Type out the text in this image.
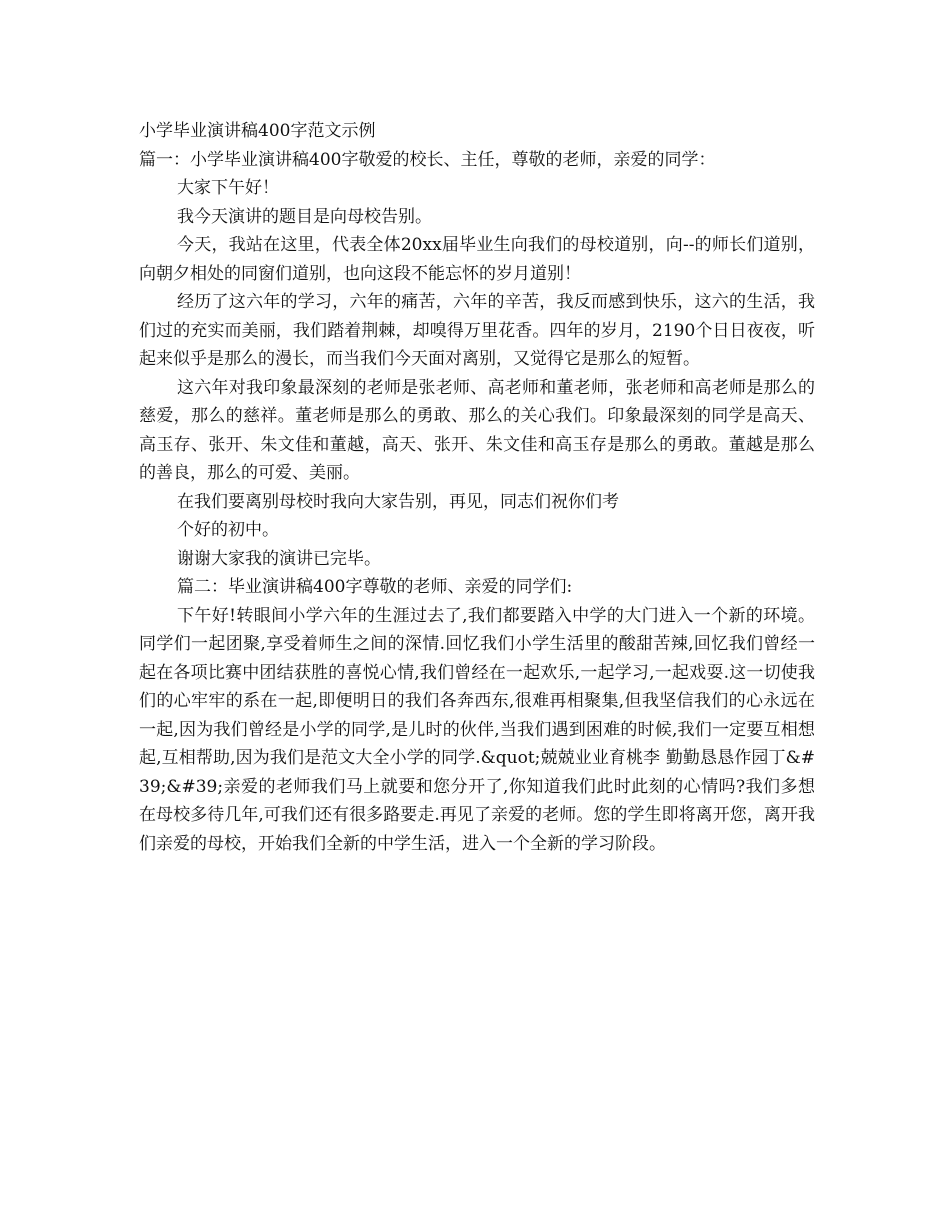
小学毕业演讲稿400字范文示例

篇一：小学毕业演讲稿400字敬爱的校长、主任，尊敬的老师，亲爱的同学：

大家下午好！

我今天演讲的题目是向母校告别。

今天，我站在这里，代表全体20xx届毕业生向我们的母校道别，向--的师长们道别，向朝夕相处的同窗们道别，也向这段不能忘怀的岁月道别！

经历了这六年的学习，六年的痛苦，六年的辛苦，我反而感到快乐，这六的生活，我们过的充实而美丽，我们踏着荆棘，却嗅得万里花香。四年的岁月，2190个日日夜夜，听起来似乎是那么的漫长，而当我们今天面对离别，又觉得它是那么的短暂。

这六年对我印象最深刻的老师是张老师、高老师和董老师，张老师和高老师是那么的慈爱，那么的慈祥。董老师是那么的勇敢、那么的关心我们。印象最深刻的同学是高天、高玉存、张开、朱文佳和董越，高天、张开、朱文佳和高玉存是那么的勇敢。董越是那么的善良，那么的可爱、美丽。

在我们要离别母校时我向大家告别，再见，同志们祝你们考

个好的初中。

谢谢大家我的演讲已完毕。

篇二：毕业演讲稿400字尊敬的老师、亲爱的同学们:

下午好!转眼间小学六年的生涯过去了,我们都要踏入中学的大门进入一个新的环境。同学们一起团聚,享受着师生之间的深情.回忆我们小学生活里的酸甜苦辣,回忆我们曾经一起在各项比赛中团结获胜的喜悦心情,我们曾经在一起欢乐,一起学习,一起戏耍.这一切使我们的心牢牢的系在一起,即便明日的我们各奔西东,很难再相聚集,但我坚信我们的心永远在一起,因为我们曾经是小学的同学,是儿时的伙伴,当我们遇到困难的时候,我们一定要互相想起,互相帮助,因为我们是范文大全小学的同学.&quot;兢兢业业育桃李 勤勤恳恳作园丁&#39;&#39;亲爱的老师我们马上就要和您分开了,你知道我们此时此刻的心情吗?我们多想在母校多待几年,可我们还有很多路要走.再见了亲爱的老师。您的学生即将离开您，离开我们亲爱的母校，开始我们全新的中学生活，进入一个全新的学习阶段。
